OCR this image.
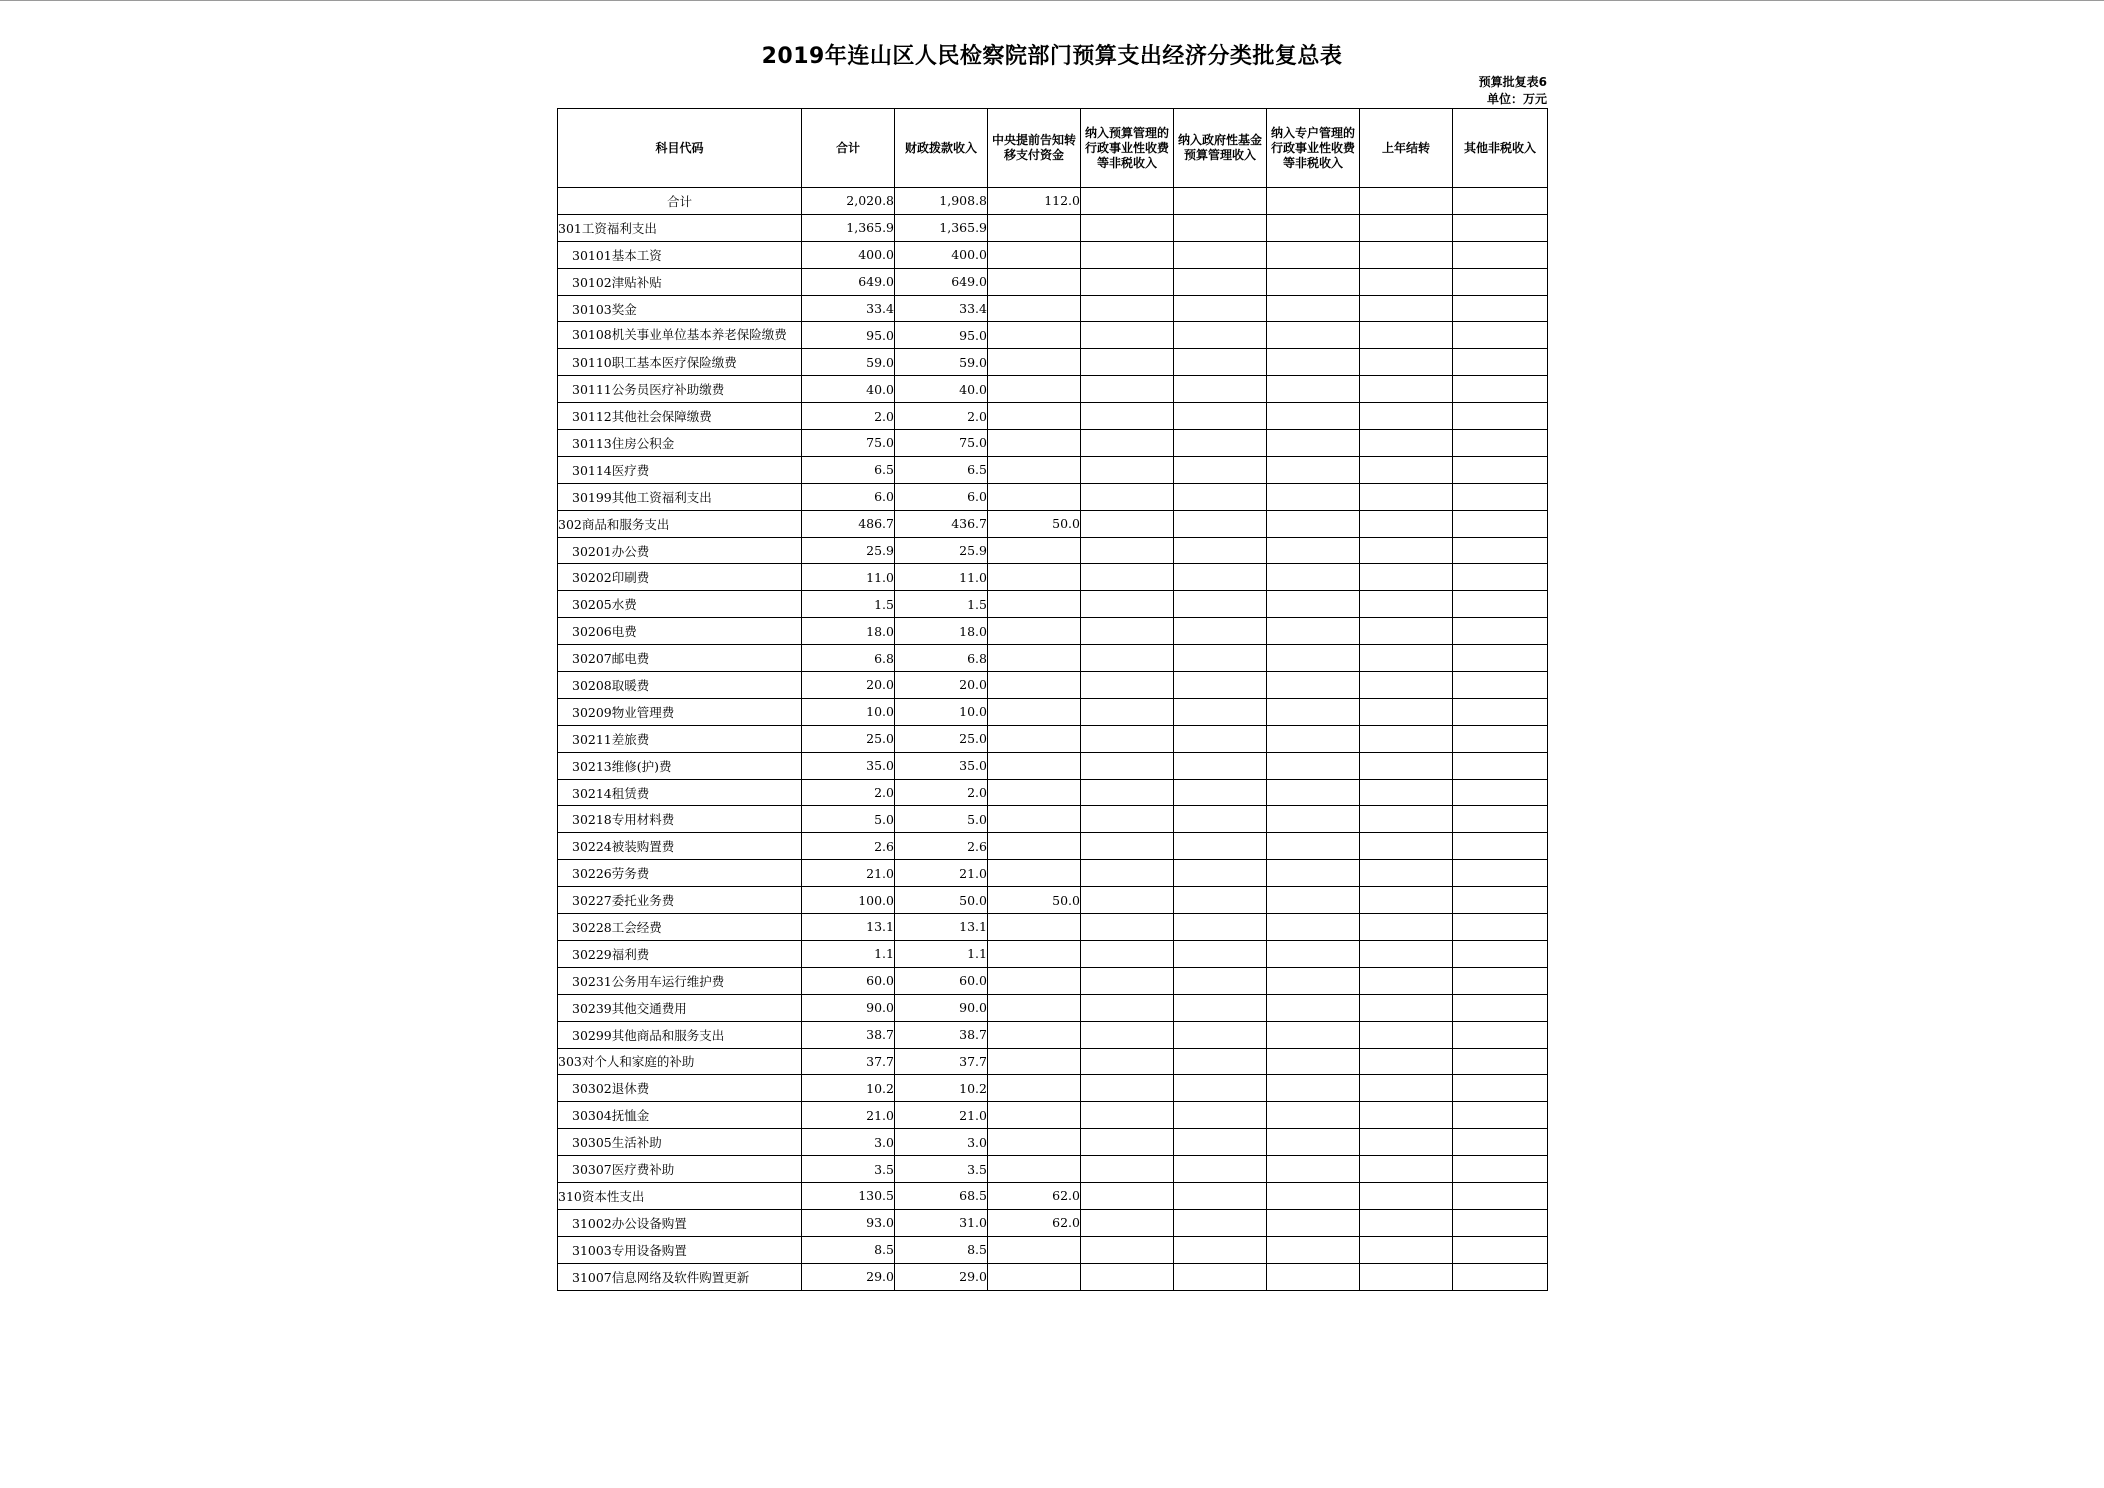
2019年连山区人民检察院部门预算支出经济分类批复总表
预算批复表6
单位：万元
科目代码	合计	财政拨款收入	中央提前告知转移支付资金	纳入预算管理的行政事业性收费等非税收入	纳入政府性基金预算管理收入	纳入专户管理的行政事业性收费等非税收入	上年结转	其他非税收入
合计	2,020.8	1,908.8	112.0					
301工资福利支出	1,365.9	1,365.9						
30101基本工资	400.0	400.0						
30102津贴补贴	649.0	649.0						
30103奖金	33.4	33.4						
30108机关事业单位基本养老保险缴费	95.0	95.0						
30110职工基本医疗保险缴费	59.0	59.0						
30111公务员医疗补助缴费	40.0	40.0						
30112其他社会保障缴费	2.0	2.0						
30113住房公积金	75.0	75.0						
30114医疗费	6.5	6.5						
30199其他工资福利支出	6.0	6.0						
302商品和服务支出	486.7	436.7	50.0					
30201办公费	25.9	25.9						
30202印刷费	11.0	11.0						
30205水费	1.5	1.5						
30206电费	18.0	18.0						
30207邮电费	6.8	6.8						
30208取暖费	20.0	20.0						
30209物业管理费	10.0	10.0						
30211差旅费	25.0	25.0						
30213维修(护)费	35.0	35.0						
30214租赁费	2.0	2.0						
30218专用材料费	5.0	5.0						
30224被装购置费	2.6	2.6						
30226劳务费	21.0	21.0						
30227委托业务费	100.0	50.0	50.0					
30228工会经费	13.1	13.1						
30229福利费	1.1	1.1						
30231公务用车运行维护费	60.0	60.0						
30239其他交通费用	90.0	90.0						
30299其他商品和服务支出	38.7	38.7						
303对个人和家庭的补助	37.7	37.7						
30302退休费	10.2	10.2						
30304抚恤金	21.0	21.0						
30305生活补助	3.0	3.0						
30307医疗费补助	3.5	3.5						
310资本性支出	130.5	68.5	62.0					
31002办公设备购置	93.0	31.0	62.0					
31003专用设备购置	8.5	8.5						
31007信息网络及软件购置更新	29.0	29.0						
